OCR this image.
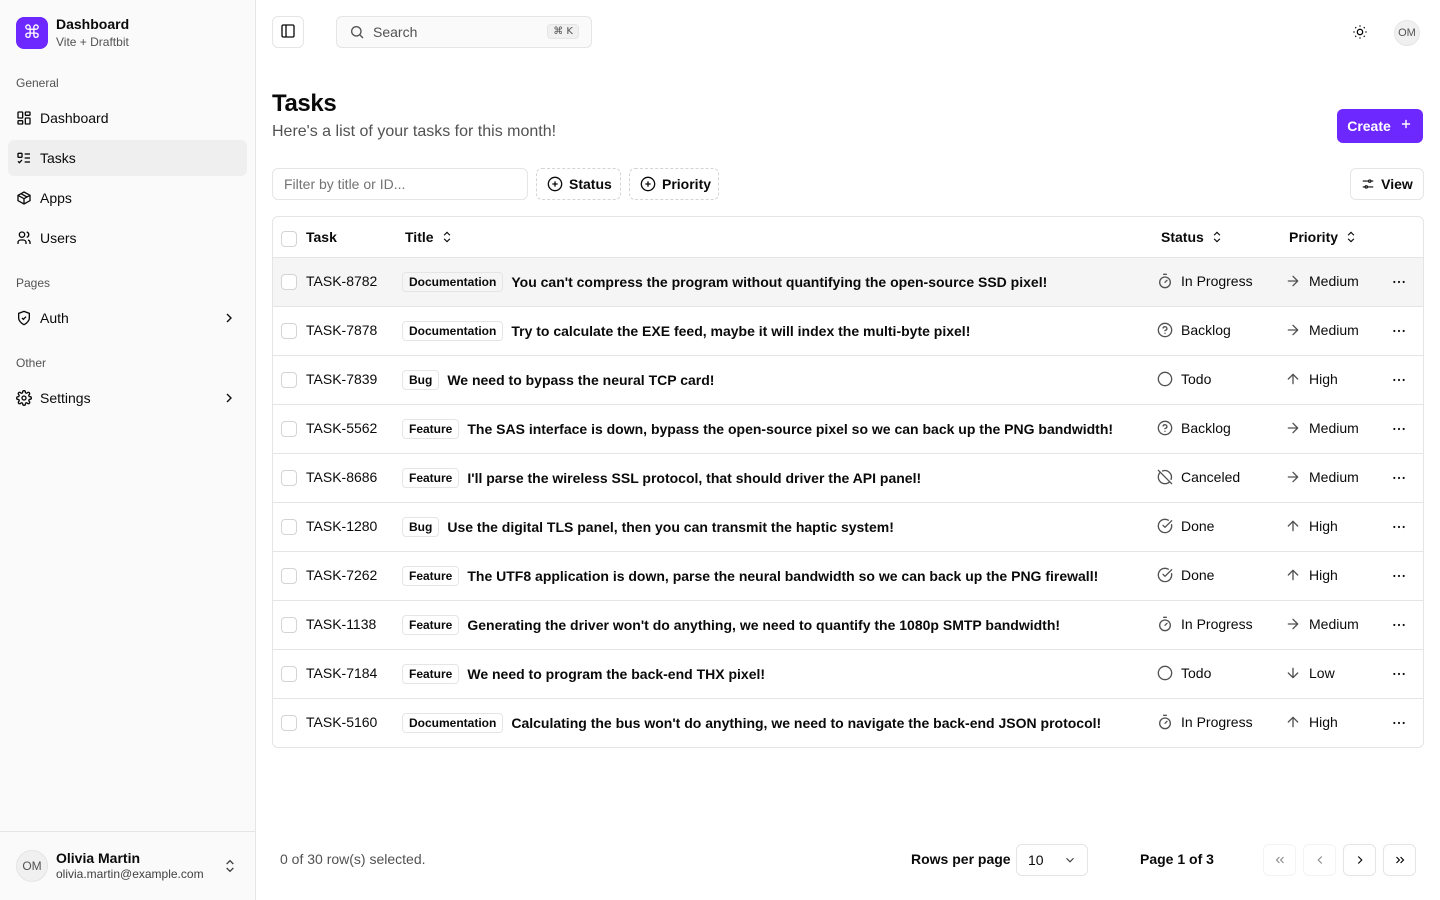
⌘	Dashboard
Vite + Draftbit
General
Dashboard
Tasks
Apps
Users
Pages
Auth
Other
Settings
OM
Olivia Martin
olivia.martin@example.com
Search	⌘ K	OM
Tasks

Here's a list of your tasks for this month!	Create
Filter by title or ID...
Status	Priority	View
Task	Title	Status	Priority
TASK-8782	Documentation	You can't compress the program without quantifying the open-source SSD pixel!	In Progress	Medium
TASK-7878	Documentation	Try to calculate the EXE feed, maybe it will index the multi-byte pixel!	Backlog	Medium
TASK-7839	Bug	We need to bypass the neural TCP card!	Todo	High
TASK-5562	Feature	The SAS interface is down, bypass the open-source pixel so we can back up the PNG bandwidth!	Backlog	Medium
TASK-8686	Feature	I'll parse the wireless SSL protocol, that should driver the API panel!	Canceled	Medium
TASK-1280	Bug	Use the digital TLS panel, then you can transmit the haptic system!	Done	High
TASK-7262	Feature	The UTF8 application is down, parse the neural bandwidth so we can back up the PNG firewall!	Done	High
TASK-1138	Feature	Generating the driver won't do anything, we need to quantify the 1080p SMTP bandwidth!	In Progress	Medium
TASK-7184	Feature	We need to program the back-end THX pixel!	Todo	Low
TASK-5160	Documentation	Calculating the bus won't do anything, we need to navigate the back-end JSON protocol!	In Progress	High
0 of 30 row(s) selected.	Rows per page 10	Page 1 of 3
